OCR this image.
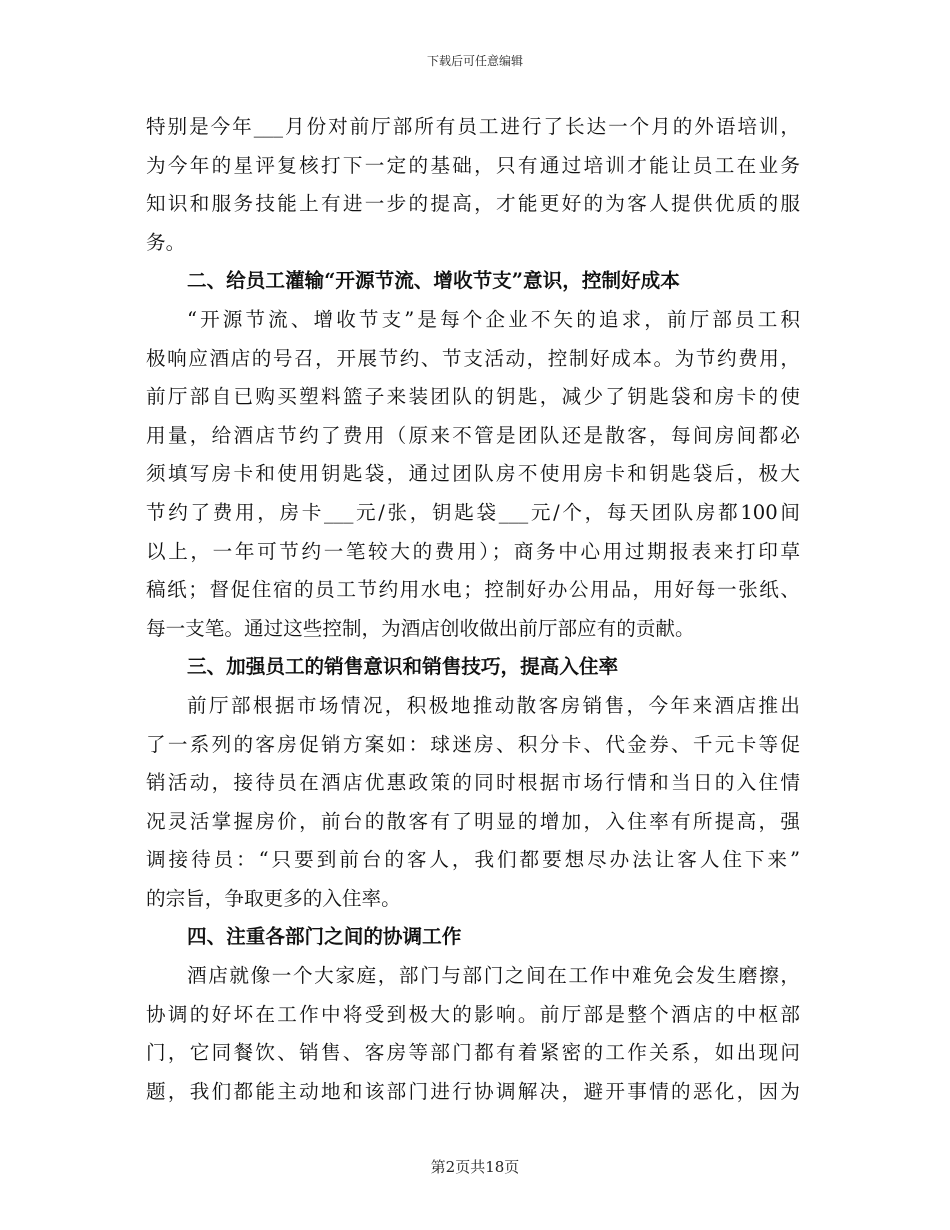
下载后可任意编辑
特别是今年___月份对前厅部所有员工进行了长达一个月的外语培训，
为今年的星评复核打下一定的基础，只有通过培训才能让员工在业务
知识和服务技能上有进一步的提高，才能更好的为客人提供优质的服
务。
二、给员工灌输“开源节流、增收节支”意识，控制好成本
“开源节流、增收节支”是每个企业不矢的追求，前厅部员工积
极响应酒店的号召，开展节约、节支活动，控制好成本。为节约费用，
前厅部自已购买塑料篮子来装团队的钥匙，减少了钥匙袋和房卡的使
用量，给酒店节约了费用（原来不管是团队还是散客，每间房间都必
须填写房卡和使用钥匙袋，通过团队房不使用房卡和钥匙袋后，极大
节约了费用，房卡___元/张，钥匙袋___元/个，每天团队房都100间
以上，一年可节约一笔较大的费用）；商务中心用过期报表来打印草
稿纸；督促住宿的员工节约用水电；控制好办公用品，用好每一张纸、
每一支笔。通过这些控制，为酒店创收做出前厅部应有的贡献。
三、加强员工的销售意识和销售技巧，提高入住率
前厅部根据市场情况，积极地推动散客房销售，今年来酒店推出
了一系列的客房促销方案如：球迷房、积分卡、代金券、千元卡等促
销活动，接待员在酒店优惠政策的同时根据市场行情和当日的入住情
况灵活掌握房价，前台的散客有了明显的增加，入住率有所提高，强
调接待员：“只要到前台的客人，我们都要想尽办法让客人住下来”
的宗旨，争取更多的入住率。
四、注重各部门之间的协调工作
酒店就像一个大家庭，部门与部门之间在工作中难免会发生磨擦，
协调的好坏在工作中将受到极大的影响。前厅部是整个酒店的中枢部
门，它同餐饮、销售、客房等部门都有着紧密的工作关系，如出现问
题，我们都能主动地和该部门进行协调解决，避开事情的恶化，因为
第2页共18页
